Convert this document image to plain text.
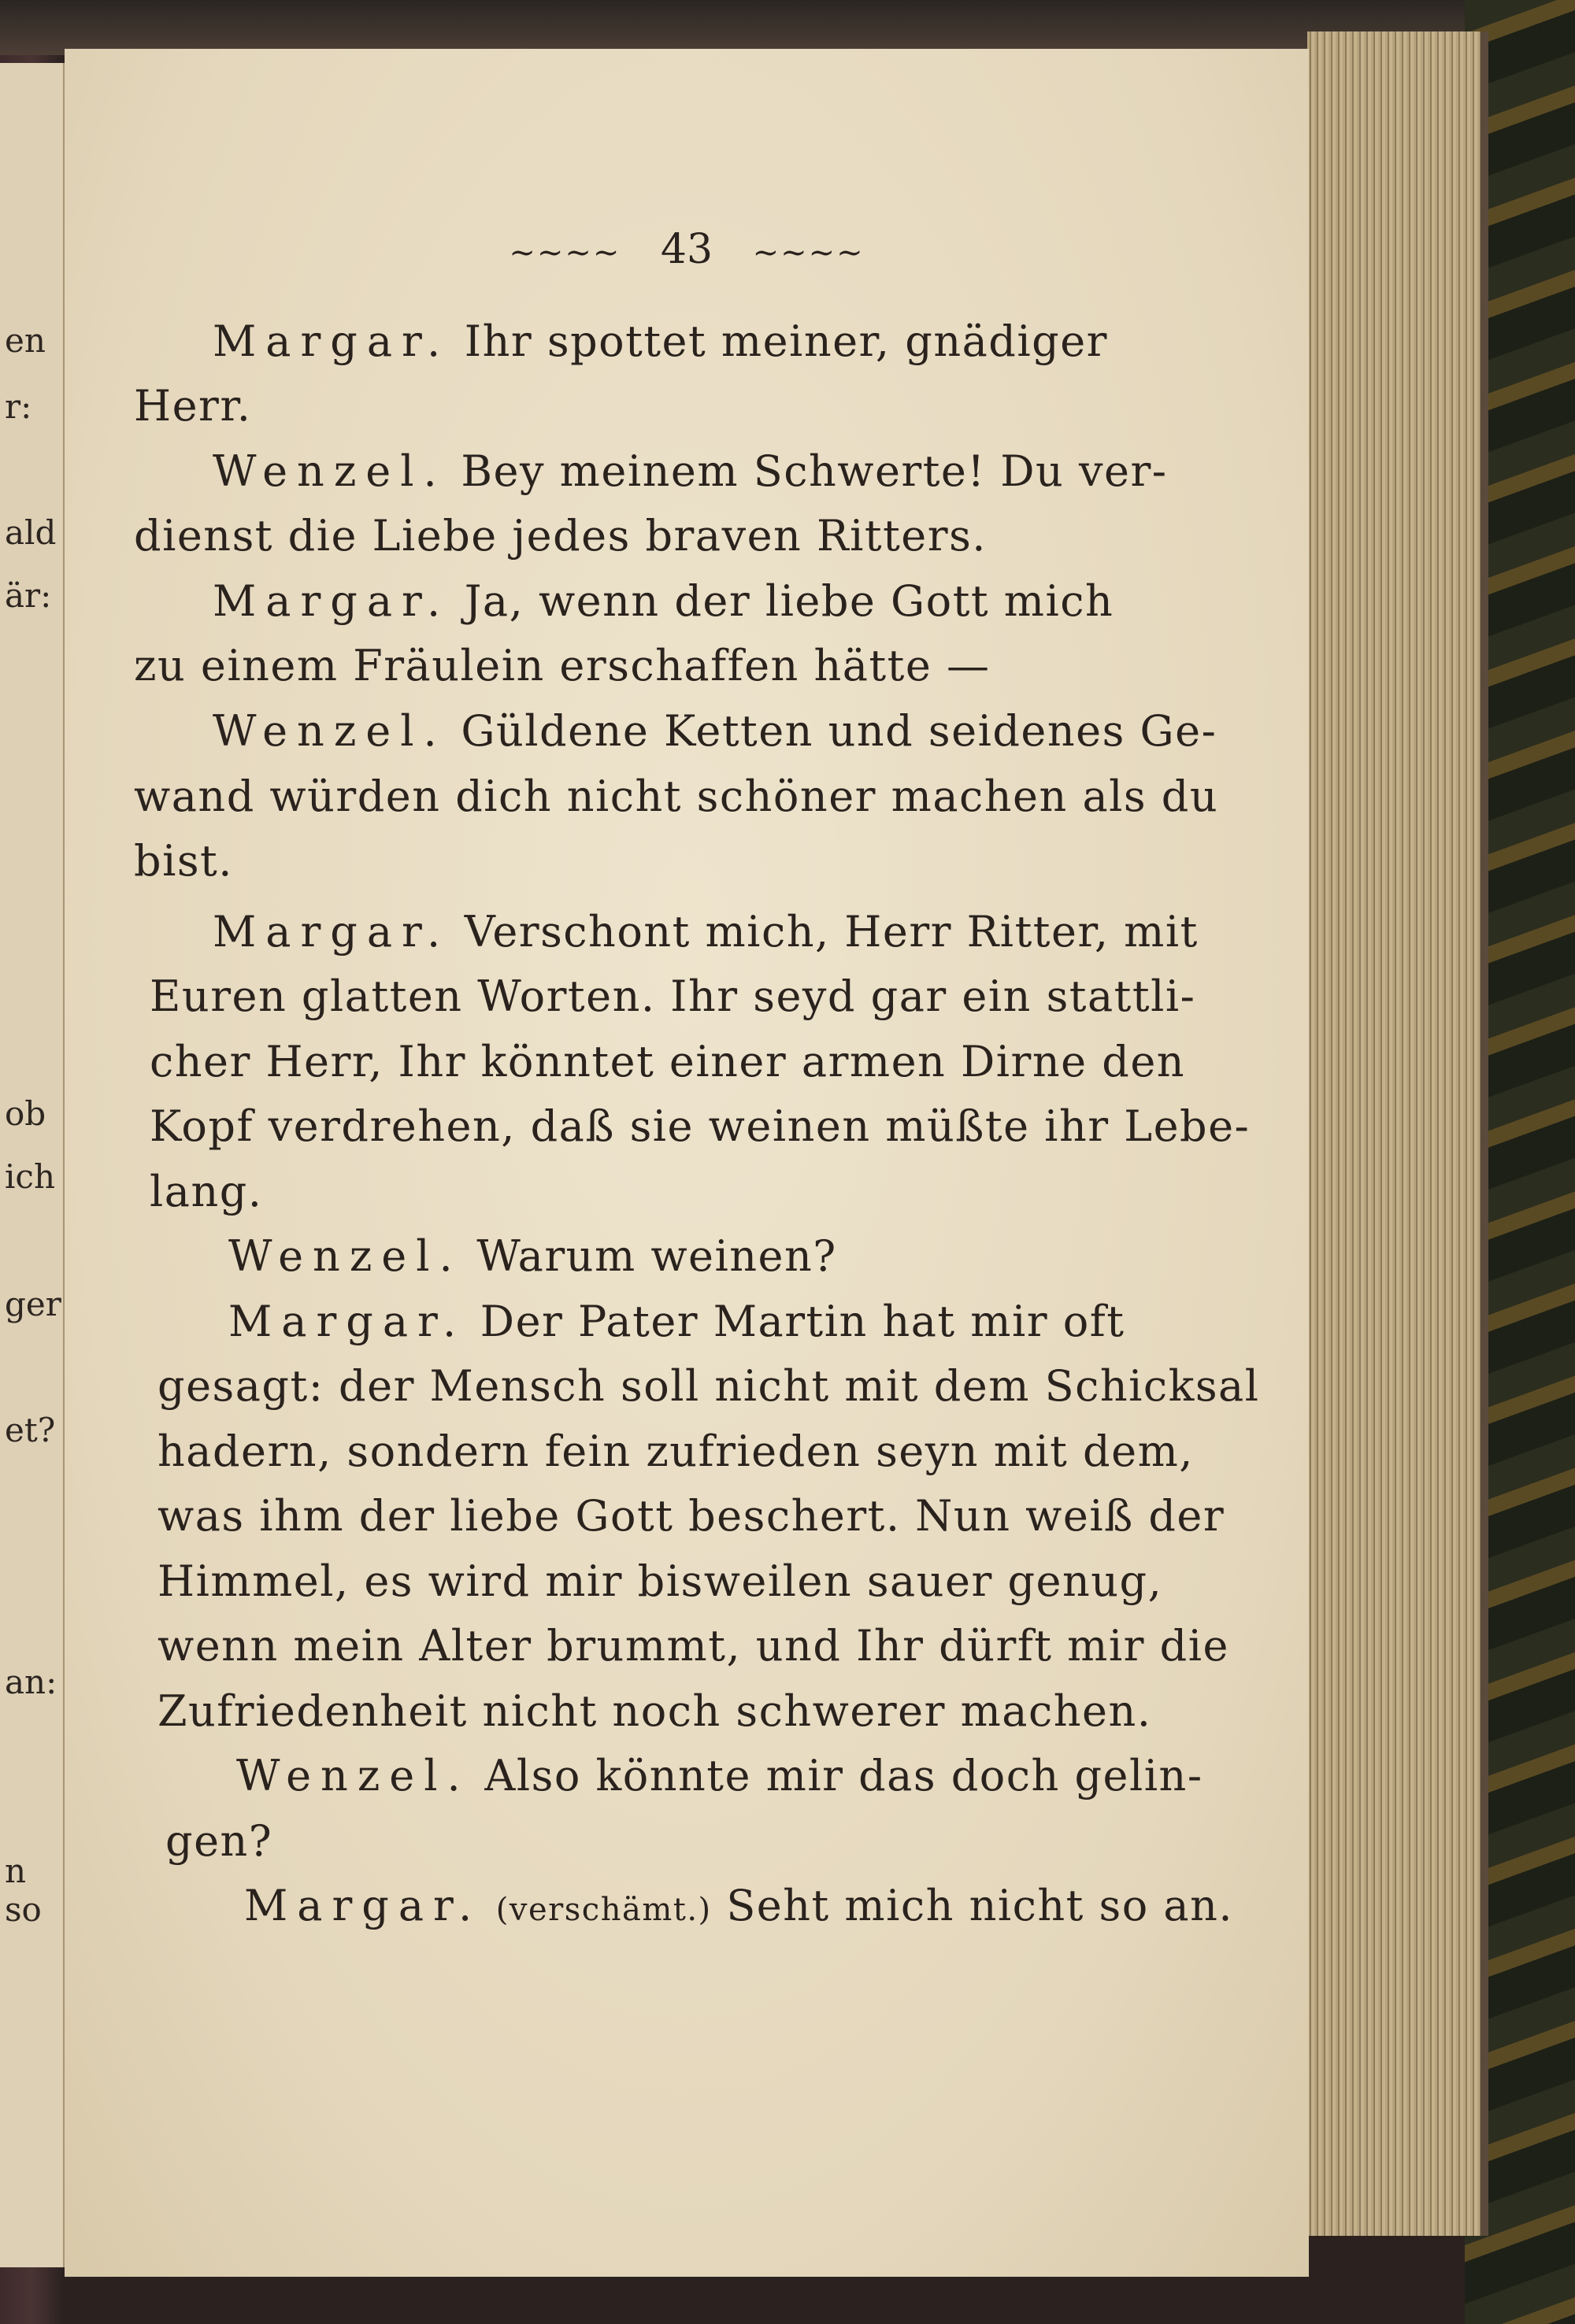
en
r:
ald
är:
ob
ich
ger
et?
an:
n so
~~~~ 43 ~~~~
Margar. Ihr spottet meiner, gnädiger
Herr.
Wenzel. Bey meinem Schwerte! Du ver-
dienst die Liebe jedes braven Ritters.
Margar. Ja, wenn der liebe Gott mich
zu einem Fräulein erschaffen hätte —
Wenzel. Güldene Ketten und seidenes Ge-
wand würden dich nicht schöner machen als du
bist.
Margar. Verschont mich, Herr Ritter, mit
Euren glatten Worten. Ihr seyd gar ein stattli-
cher Herr, Ihr könntet einer armen Dirne den
Kopf verdrehen, daß sie weinen müßte ihr Lebe-
lang.
Wenzel. Warum weinen?
Margar. Der Pater Martin hat mir oft
gesagt: der Mensch soll nicht mit dem Schicksal
hadern, sondern fein zufrieden seyn mit dem,
was ihm der liebe Gott beschert. Nun weiß der
Himmel, es wird mir bisweilen sauer genug,
wenn mein Alter brummt, und Ihr dürft mir die
Zufriedenheit nicht noch schwerer machen.
Wenzel. Also könnte mir das doch gelin-
gen?
Margar. (verschämt.) Seht mich nicht so an.
